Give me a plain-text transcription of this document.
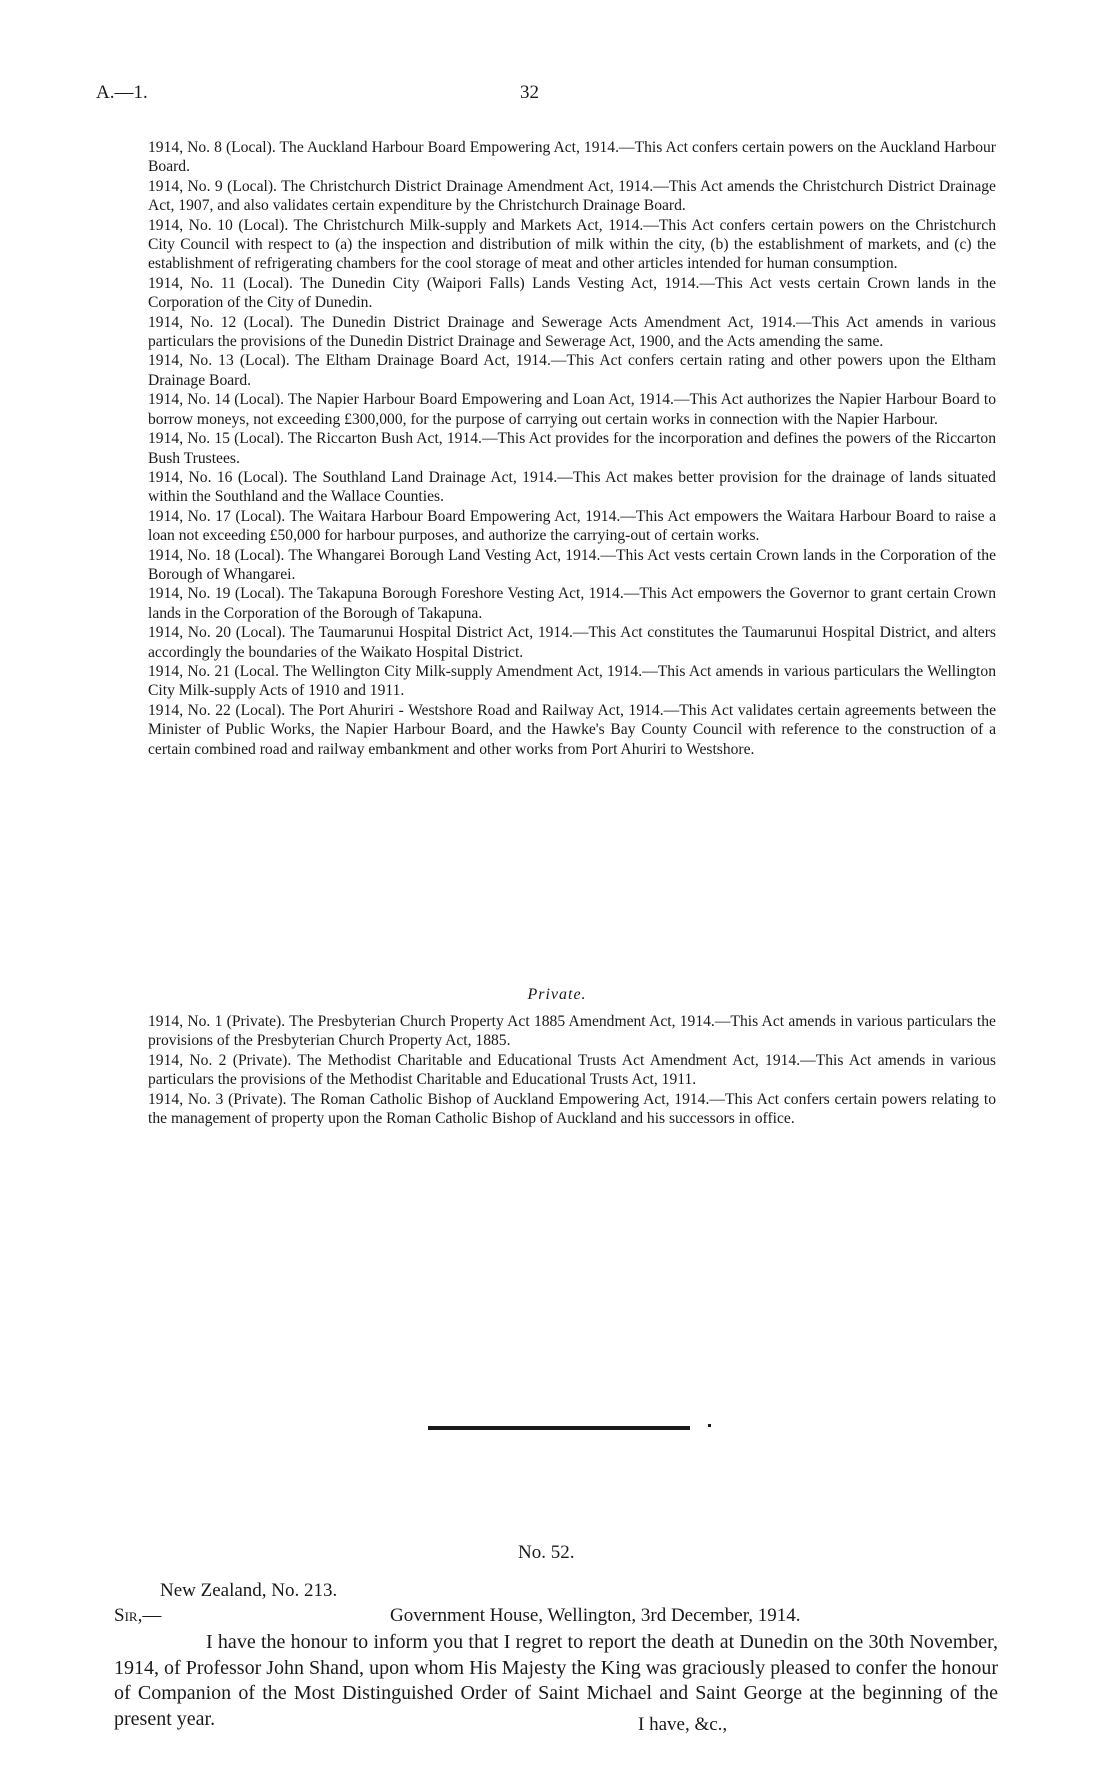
A.—1.	32

1914, No. 8 (Local). The Auckland Harbour Board Empowering Act, 1914.—This Act confers certain powers on the Auckland Harbour Board.

1914, No. 9 (Local). The Christchurch District Drainage Amendment Act, 1914.—This Act amends the Christchurch District Drainage Act, 1907, and also validates certain expenditure by the Christchurch Drainage Board.

1914, No. 10 (Local). The Christchurch Milk-supply and Markets Act, 1914.—This Act confers certain powers on the Christchurch City Council with respect to (a) the inspection and distribution of milk within the city, (b) the establishment of markets, and (c) the establishment of refrigerating chambers for the cool storage of meat and other articles intended for human consumption.

1914, No. 11 (Local). The Dunedin City (Waipori Falls) Lands Vesting Act, 1914.—This Act vests certain Crown lands in the Corporation of the City of Dunedin.

1914, No. 12 (Local). The Dunedin District Drainage and Sewerage Acts Amendment Act, 1914.—This Act amends in various particulars the provisions of the Dunedin District Drainage and Sewerage Act, 1900, and the Acts amending the same.

1914, No. 13 (Local). The Eltham Drainage Board Act, 1914.—This Act confers certain rating and other powers upon the Eltham Drainage Board.

1914, No. 14 (Local). The Napier Harbour Board Empowering and Loan Act, 1914.—This Act authorizes the Napier Harbour Board to borrow moneys, not exceeding £300,000, for the purpose of carrying out certain works in connection with the Napier Harbour.

1914, No. 15 (Local). The Riccarton Bush Act, 1914.—This Act provides for the incorporation and defines the powers of the Riccarton Bush Trustees.

1914, No. 16 (Local). The Southland Land Drainage Act, 1914.—This Act makes better provision for the drainage of lands situated within the Southland and the Wallace Counties.

1914, No. 17 (Local). The Waitara Harbour Board Empowering Act, 1914.—This Act empowers the Waitara Harbour Board to raise a loan not exceeding £50,000 for harbour purposes, and authorize the carrying-out of certain works.

1914, No. 18 (Local). The Whangarei Borough Land Vesting Act, 1914.—This Act vests certain Crown lands in the Corporation of the Borough of Whangarei.

1914, No. 19 (Local). The Takapuna Borough Foreshore Vesting Act, 1914.—This Act empowers the Governor to grant certain Crown lands in the Corporation of the Borough of Takapuna.

1914, No. 20 (Local). The Taumarunui Hospital District Act, 1914.—This Act constitutes the Taumarunui Hospital District, and alters accordingly the boundaries of the Waikato Hospital District.

1914, No. 21 (Local. The Wellington City Milk-supply Amendment Act, 1914.—This Act amends in various particulars the Wellington City Milk-supply Acts of 1910 and 1911.

1914, No. 22 (Local). The Port Ahuriri - Westshore Road and Railway Act, 1914.—This Act validates certain agreements between the Minister of Public Works, the Napier Harbour Board, and the Hawke's Bay County Council with reference to the construction of a certain combined road and railway embankment and other works from Port Ahuriri to Westshore.

Private.

1914, No. 1 (Private). The Presbyterian Church Property Act 1885 Amendment Act, 1914.—This Act amends in various particulars the provisions of the Presbyterian Church Property Act, 1885.

1914, No. 2 (Private). The Methodist Charitable and Educational Trusts Act Amendment Act, 1914.—This Act amends in various particulars the provisions of the Methodist Charitable and Educational Trusts Act, 1911.

1914, No. 3 (Private). The Roman Catholic Bishop of Auckland Empowering Act, 1914.—This Act confers certain powers relating to the management of property upon the Roman Catholic Bishop of Auckland and his successors in office.

No. 52.
New Zealand, No. 213.
Sir,—	Government House, Wellington, 3rd December, 1914.

I have the honour to inform you that I regret to report the death at Dunedin on the 30th November, 1914, of Professor John Shand, upon whom His Majesty the King was graciously pleased to confer the honour of Companion of the Most Distinguished Order of Saint Michael and Saint George at the beginning of the present year.	I have, &c.,
